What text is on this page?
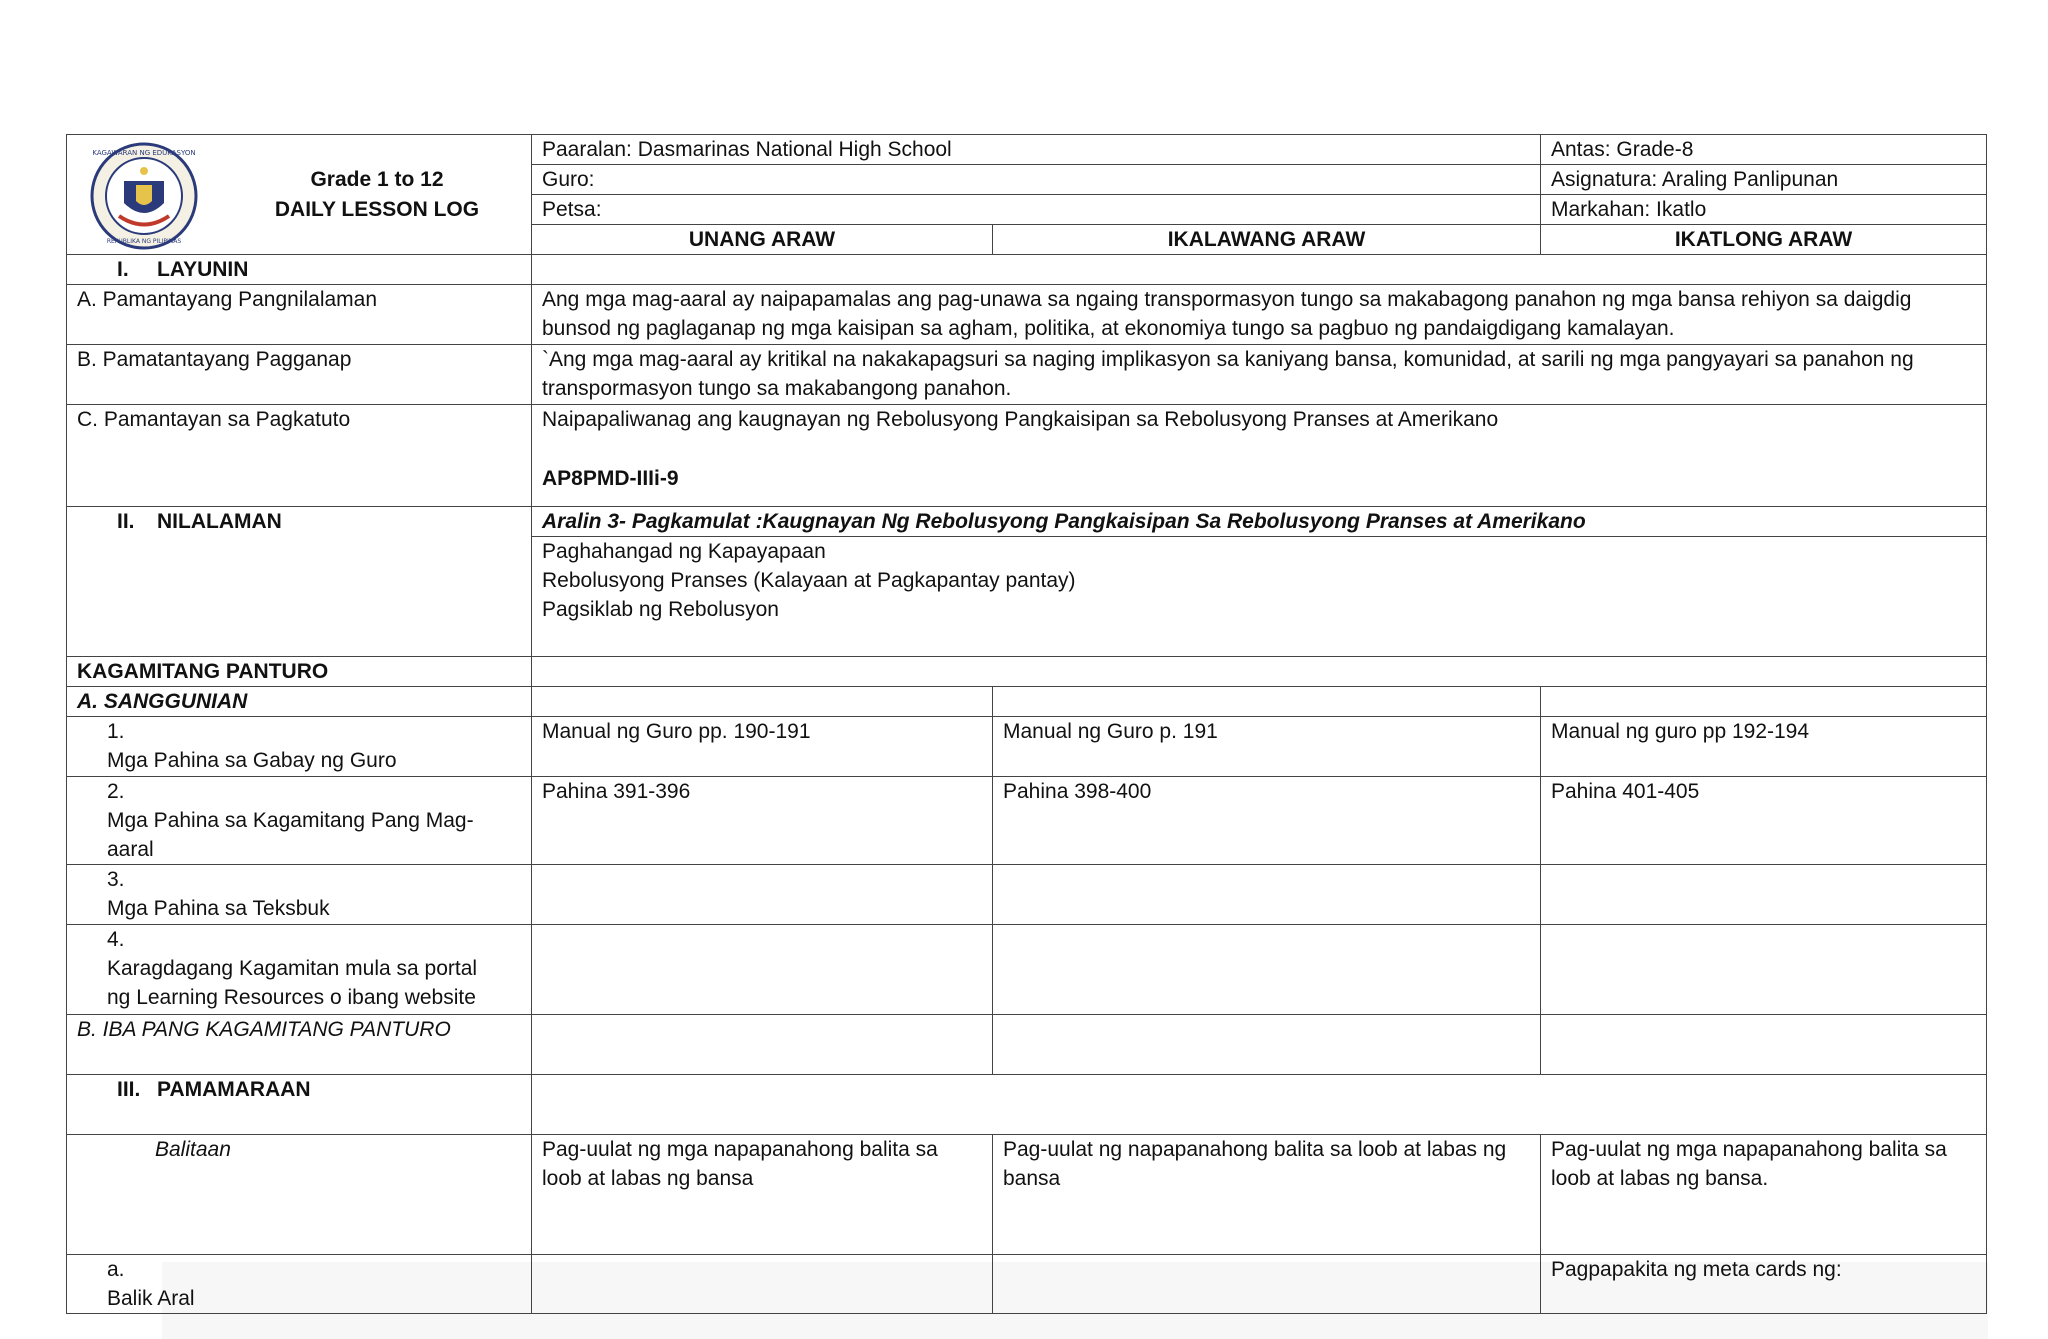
KAGAWARAN NG EDUKASYON
REPUBLIKA NG PILIPINAS
Grade 1 to 12
DAILY LESSON LOG	Paaralan: Dasmarinas National High School		Antas: Grade-8
	Guro:		Asignatura: Araling Panlipunan
	Petsa:		Markahan: Ikatlo
	UNANG ARAW	IKALAWANG ARAW	IKATLONG ARAW
I. LAYUNIN			
A. Pamantayang Pangnilalaman	Ang mga mag-aaral ay naipapamalas ang pag-unawa sa ngaing transpormasyon tungo sa makabagong panahon ng mga bansa rehiyon sa daigdig bunsod ng paglaganap ng mga kaisipan sa agham, politika, at ekonomiya tungo sa pagbuo ng pandaigdigang kamalayan.		
B. Pamatantayang Pagganap	`Ang mga mag-aaral ay kritikal na nakakapagsuri sa naging implikasyon sa kaniyang bansa, komunidad, at sarili ng mga pangyayari sa panahon ng transpormasyon tungo sa makabangong panahon.		
C. Pamantayan sa Pagkatuto	Naipapaliwanag ang kaugnayan ng Rebolusyong Pangkaisipan sa Rebolusyong Pranses at Amerikano
AP8PMD-IIIi-9		

II. NILALAMAN	Aralin 3- Pagkamulat :Kaugnayan Ng Rebolusyong Pangkaisipan Sa Rebolusyong Pranses at Amerikano		

	Paghahangad ng Kapayapaan
Rebolusyong Pranses (Kalayaan at Pagkapantay pantay)
Pagsiklab ng Rebolusyon		

KAGAMITANG PANTURO			
A. SANGGUNIAN			
1.Mga Pahina sa Gabay ng Guro	Manual ng Guro pp. 190-191	Manual ng Guro p. 191	Manual ng guro pp 192-194
2.Mga Pahina sa Kagamitang Pang Mag-aaral	Pahina 391-396	Pahina 398-400	Pahina 401-405
3.Mga Pahina sa Teksbuk			
4.Karagdagang Kagamitan mula sa portal ng Learning Resources o ibang website			
B. IBA PANG KAGAMITANG PANTURO			
III. PAMAMARAAN			
Balitaan	Pag-uulat ng mga napapanahong balita sa loob at labas ng bansa	Pag-uulat ng napapanahong balita sa loob at labas ng bansa	Pag-uulat ng mga napapanahong balita sa loob at labas ng bansa.
a.Balik Aral			Pagpapakita ng meta cards ng:
